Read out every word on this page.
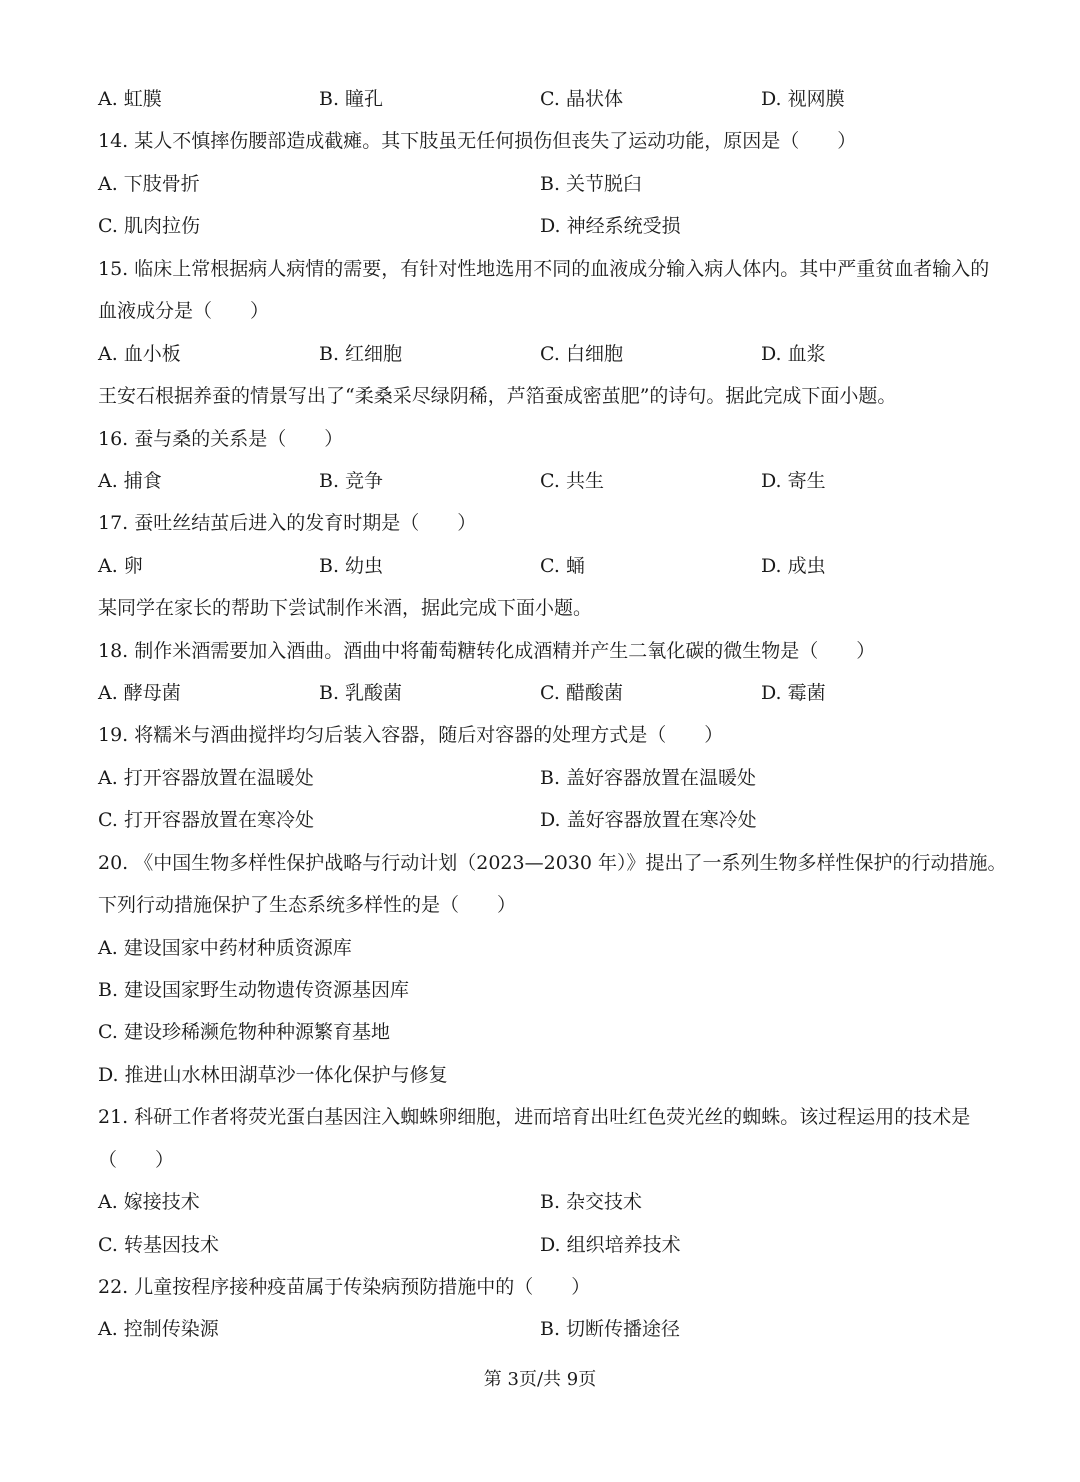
A. 虹膜	B. 瞳孔	C. 晶状体	D. 视网膜
14. 某人不慎摔伤腰部造成截瘫。其下肢虽无任何损伤但丧失了运动功能，原因是（　　）
A. 下肢骨折	B. 关节脱臼
C. 肌肉拉伤	D. 神经系统受损
15. 临床上常根据病人病情的需要，有针对性地选用不同的血液成分输入病人体内。其中严重贫血者输入的
血液成分是（　　）
A. 血小板	B. 红细胞	C. 白细胞	D. 血浆
王安石根据养蚕的情景写出了“柔桑采尽绿阴稀，芦箔蚕成密茧肥”的诗句。据此完成下面小题。
16. 蚕与桑的关系是（　　）
A. 捕食	B. 竞争	C. 共生	D. 寄生
17. 蚕吐丝结茧后进入的发育时期是（　　）
A. 卵	B. 幼虫	C. 蛹	D. 成虫
某同学在家长的帮助下尝试制作米酒，据此完成下面小题。
18. 制作米酒需要加入酒曲。酒曲中将葡萄糖转化成酒精并产生二氧化碳的微生物是（　　）
A. 酵母菌	B. 乳酸菌	C. 醋酸菌	D. 霉菌
19. 将糯米与酒曲搅拌均匀后装入容器，随后对容器的处理方式是（　　）
A. 打开容器放置在温暖处	B. 盖好容器放置在温暖处
C. 打开容器放置在寒冷处	D. 盖好容器放置在寒冷处
20. 《中国生物多样性保护战略与行动计划（2023—2030 年）》提出了一系列生物多样性保护的行动措施。
下列行动措施保护了生态系统多样性的是（　　）
A. 建设国家中药材种质资源库
B. 建设国家野生动物遗传资源基因库
C. 建设珍稀濒危物种种源繁育基地
D. 推进山水林田湖草沙一体化保护与修复
21. 科研工作者将荧光蛋白基因注入蜘蛛卵细胞，进而培育出吐红色荧光丝的蜘蛛。该过程运用的技术是
（　　）
A. 嫁接技术	B. 杂交技术
C. 转基因技术	D. 组织培养技术
22. 儿童按程序接种疫苗属于传染病预防措施中的（　　）
A. 控制传染源	B. 切断传播途径
第 3页/共 9页
